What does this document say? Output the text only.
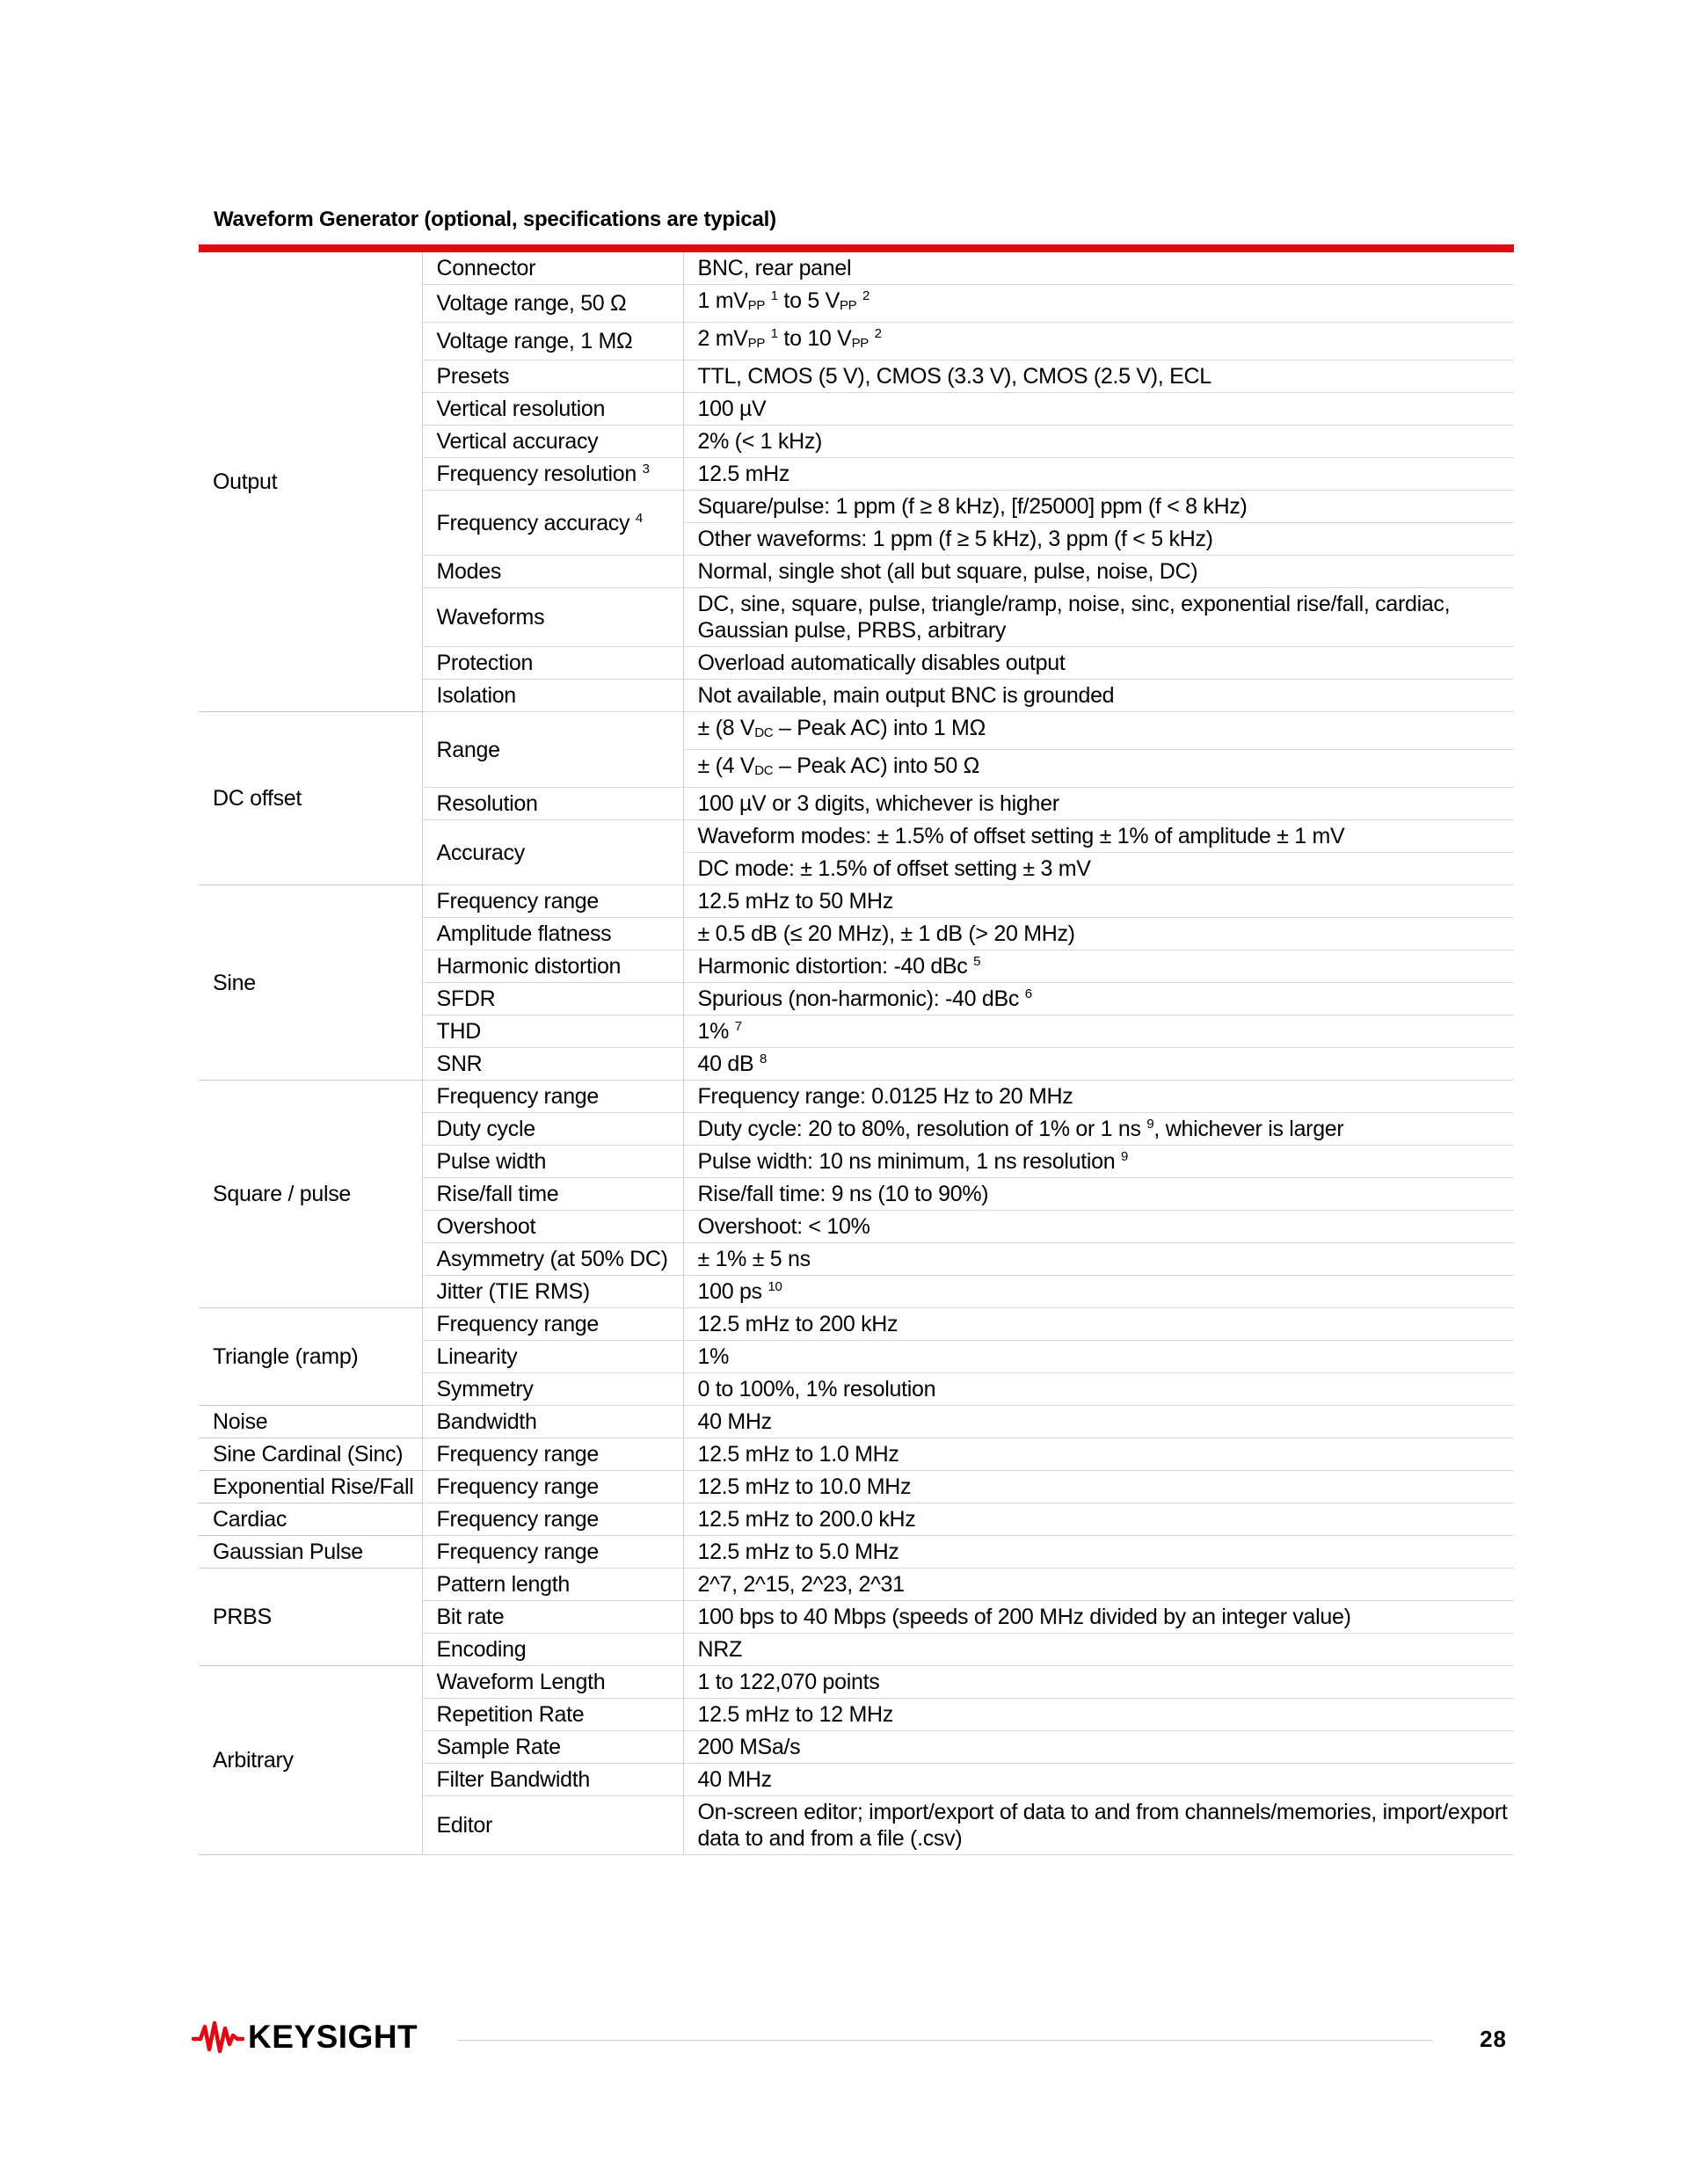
Waveform Generator (optional, specifications are typical)
Output	Connector	BNC, rear panel

	Voltage range, 50 Ω	1 mVPP $^1$ to 5 VPP $^2$

	Voltage range, 1 MΩ	2 mVPP $^1$ to 10 VPP $^2$

	Presets	TTL, CMOS (5 V), CMOS (3.3 V), CMOS (2.5 V), ECL

	Vertical resolution	100 µV

	Vertical accuracy	2% (< 1 kHz)

	Frequency resolution $^3$	12.5 mHz

	Frequency accuracy $^4$	Square/pulse: 1 ppm (f ≥ 8 kHz), [f/25000] ppm (f < 8 kHz)
Other waveforms: 1 ppm (f ≥ 5 kHz), 3 ppm (f < 5 kHz)

	Modes	Normal, single shot (all but square, pulse, noise, DC)

	Waveforms	DC, sine, square, pulse, triangle/ramp, noise, sinc, exponential rise/fall, cardiac,
Gaussian pulse, PRBS, arbitrary

	Protection	Overload automatically disables output

	Isolation	Not available, main output BNC is grounded

DC offset	Range	± (8 VDC – Peak AC) into 1 MΩ
± (4 VDC – Peak AC) into 50 Ω

	Resolution	100 µV or 3 digits, whichever is higher

	Accuracy	Waveform modes: ± 1.5% of offset setting ± 1% of amplitude ± 1 mV
DC mode: ± 1.5% of offset setting ± 3 mV

Sine	Frequency range	12.5 mHz to 50 MHz

	Amplitude flatness	± 0.5 dB (≤ 20 MHz), ± 1 dB (> 20 MHz)

	Harmonic distortion	Harmonic distortion: -40 dBc $^5$

	SFDR	Spurious (non-harmonic): -40 dBc $^6$

	THD	1% $^7$

	SNR	40 dB $^8$

Square / pulse	Frequency range	Frequency range: 0.0125 Hz to 20 MHz

	Duty cycle	Duty cycle: 20 to 80%, resolution of 1% or 1 ns $^9$, whichever is larger

	Pulse width	Pulse width: 10 ns minimum, 1 ns resolution $^9$

	Rise/fall time	Rise/fall time: 9 ns (10 to 90%)

	Overshoot	Overshoot: < 10%

	Asymmetry (at 50% DC)	± 1% ± 5 ns

	Jitter (TIE RMS)	100 ps $^{10}$

Triangle (ramp)	Frequency range	12.5 mHz to 200 kHz

	Linearity	1%

	Symmetry	0 to 100%, 1% resolution

Noise	Bandwidth	40 MHz

Sine Cardinal (Sinc)	Frequency range	12.5 mHz to 1.0 MHz

Exponential Rise/Fall	Frequency range	12.5 mHz to 10.0 MHz

Cardiac	Frequency range	12.5 mHz to 200.0 kHz

Gaussian Pulse	Frequency range	12.5 mHz to 5.0 MHz

PRBS	Pattern length	2^7, 2^15, 2^23, 2^31

	Bit rate	100 bps to 40 Mbps (speeds of 200 MHz divided by an integer value)

	Encoding	NRZ

Arbitrary	Waveform Length	1 to 122,070 points

	Repetition Rate	12.5 mHz to 12 MHz

	Sample Rate	200 MSa/s

	Filter Bandwidth	40 MHz

	Editor	On-screen editor; import/export of data to and from channels/memories, import/export
data to and from a file (.csv)
KEYSIGHT	28
